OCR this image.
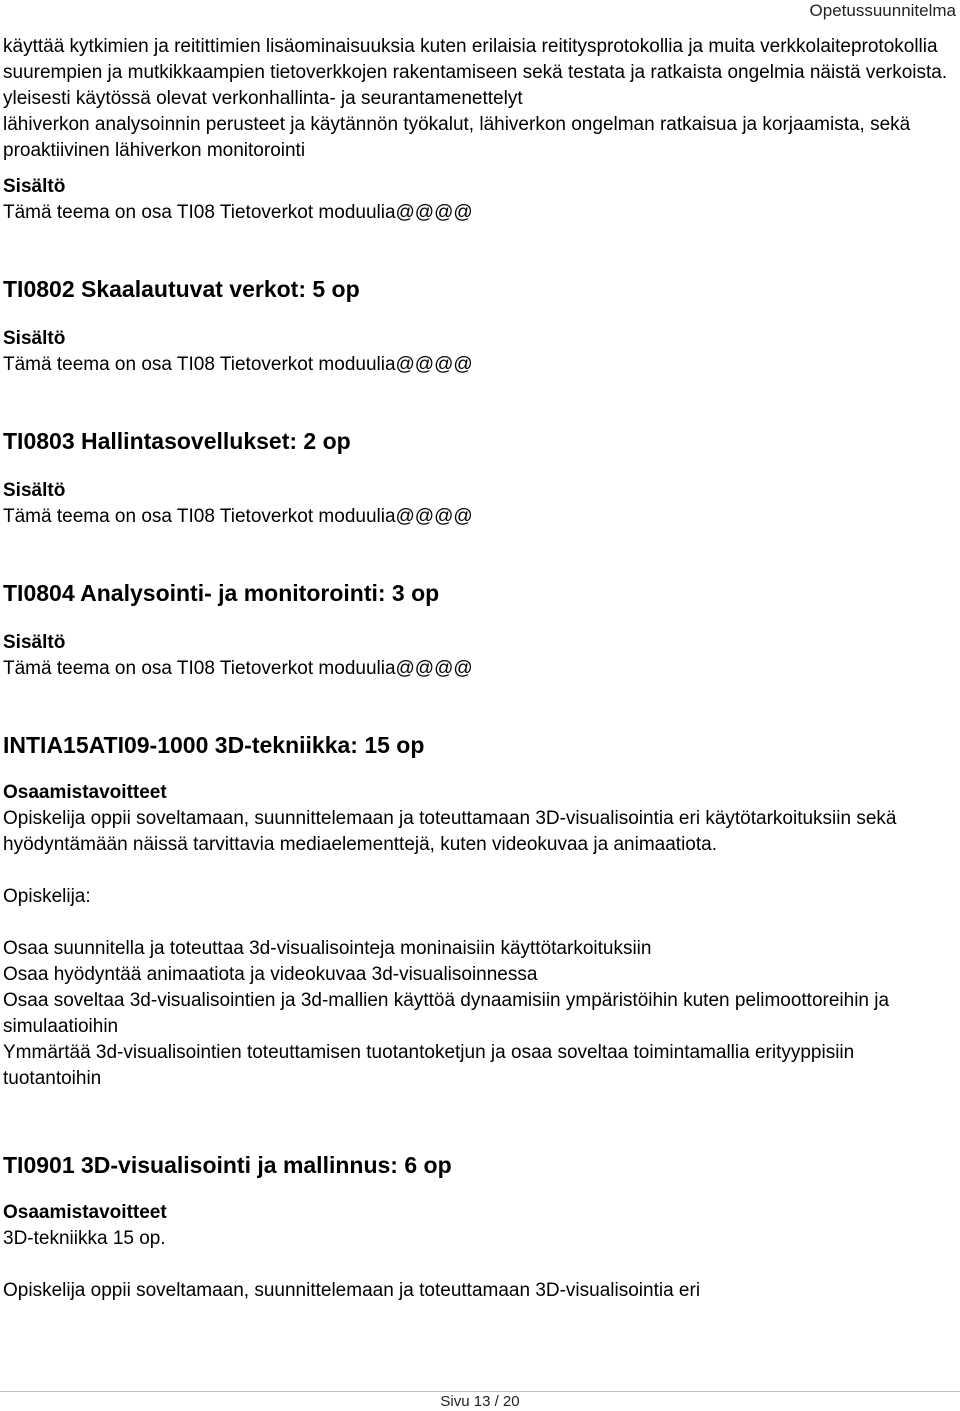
Opetussuunnitelma

käyttää kytkimien ja reitittimien lisäominaisuuksia kuten erilaisia reititysprotokollia ja muita verkkolaiteprotokollia suurempien ja mutkikkaampien tietoverkkojen rakentamiseen sekä testata ja ratkaista ongelmia näistä verkoista.

yleisesti käytössä olevat verkonhallinta- ja seurantamenettelyt

lähiverkon analysoinnin perusteet ja käytännön työkalut, lähiverkon ongelman ratkaisua ja korjaamista, sekä proaktiivinen lähiverkon monitorointi

Sisältö

Tämä teema on osa TI08 Tietoverkot moduulia@@@@

TI0802 Skaalautuvat verkot: 5 op

Sisältö

Tämä teema on osa TI08 Tietoverkot moduulia@@@@

TI0803 Hallintasovellukset: 2 op

Sisältö

Tämä teema on osa TI08 Tietoverkot moduulia@@@@

TI0804 Analysointi- ja monitorointi: 3 op

Sisältö

Tämä teema on osa TI08 Tietoverkot moduulia@@@@

INTIA15ATI09-1000 3D-tekniikka: 15 op

Osaamistavoitteet

Opiskelija oppii soveltamaan, suunnittelemaan ja toteuttamaan 3D-visualisointia eri käytötarkoituksiin sekä hyödyntämään näissä tarvittavia mediaelementtejä, kuten videokuvaa ja animaatiota.

Opiskelija:

Osaa suunnitella ja toteuttaa 3d-visualisointeja moninaisiin käyttötarkoituksiin

Osaa hyödyntää animaatiota ja videokuvaa 3d-visualisoinnessa

Osaa soveltaa 3d-visualisointien ja 3d-mallien käyttöä dynaamisiin ympäristöihin kuten pelimoottoreihin ja simulaatioihin

Ymmärtää 3d-visualisointien toteuttamisen tuotantoketjun ja osaa soveltaa toimintamallia erityyppisiin tuotantoihin

TI0901 3D-visualisointi ja mallinnus: 6 op

Osaamistavoitteet

3D-tekniikka 15 op.

Opiskelija oppii soveltamaan, suunnittelemaan ja toteuttamaan 3D-visualisointia eri

Sivu 13 / 20
